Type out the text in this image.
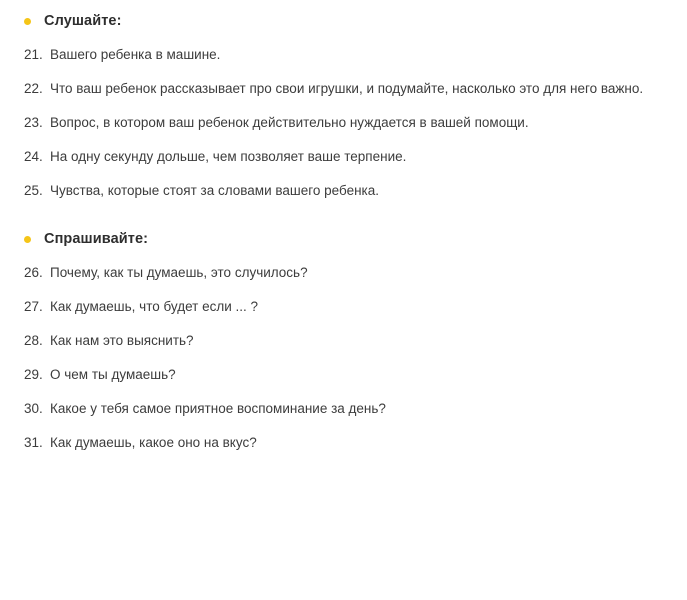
Слушайте:
21. Вашего ребенка в машине.
22. Что ваш ребенок рассказывает про свои игрушки, и подумайте, насколько это для него важно.
23. Вопрос, в котором ваш ребенок действительно нуждается в вашей помощи.
24. На одну секунду дольше, чем позволяет ваше терпение.
25. Чувства, которые стоят за словами вашего ребенка.
Спрашивайте:
26. Почему, как ты думаешь, это случилось?
27. Как думаешь, что будет если ... ?
28. Как нам это выяснить?
29. О чем ты думаешь?
30. Какое у тебя самое приятное воспоминание за день?
31. Как думаешь, какое оно на вкус?
